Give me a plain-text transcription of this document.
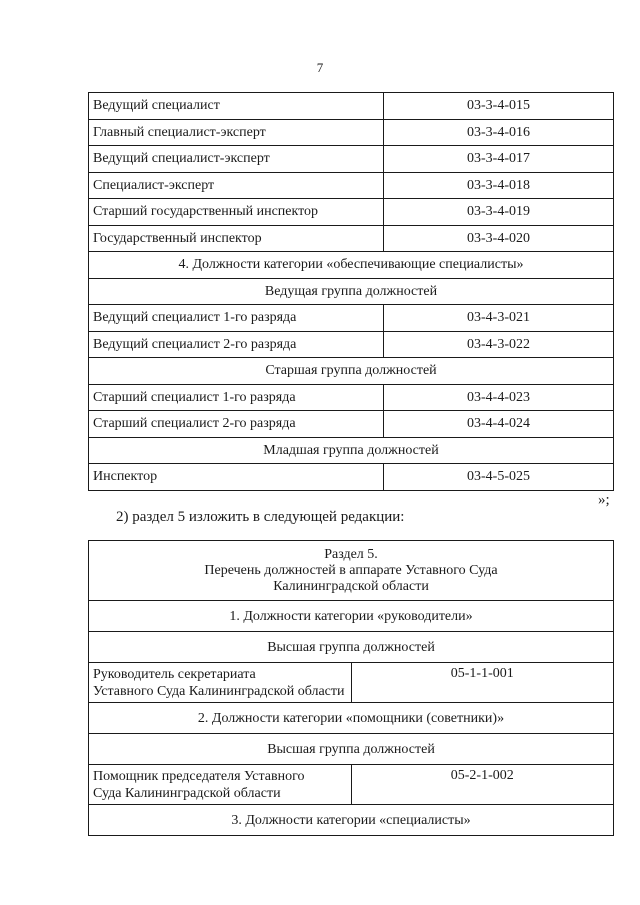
7
Ведущий специалист	03-3-4-015
Главный специалист-эксперт	03-3-4-016
Ведущий специалист-эксперт	03-3-4-017
Специалист-эксперт	03-3-4-018
Старший государственный инспектор	03-3-4-019
Государственный инспектор	03-3-4-020
4. Должности категории «обеспечивающие специалисты»	
Ведущая группа должностей	
Ведущий специалист 1-го разряда	03-4-3-021
Ведущий специалист 2-го разряда	03-4-3-022
Старшая группа должностей	
Старший специалист 1-го разряда	03-4-4-023
Старший специалист 2-го разряда	03-4-4-024
Младшая группа должностей	
Инспектор	03-4-5-025
»;
2) раздел 5 изложить в следующей редакции:
Раздел 5.
Перечень должностей в аппарате Уставного Суда
Калининградской области	

1. Должности категории «руководители»	
Высшая группа должностей	

Руководитель секретариата
Уставного Суда Калининградской области	05-1-1-001
2. Должности категории «помощники (советники)»	
Высшая группа должностей	

Помощник председателя Уставного
Суда Калининградской области	05-2-1-002
3. Должности категории «специалисты»	
